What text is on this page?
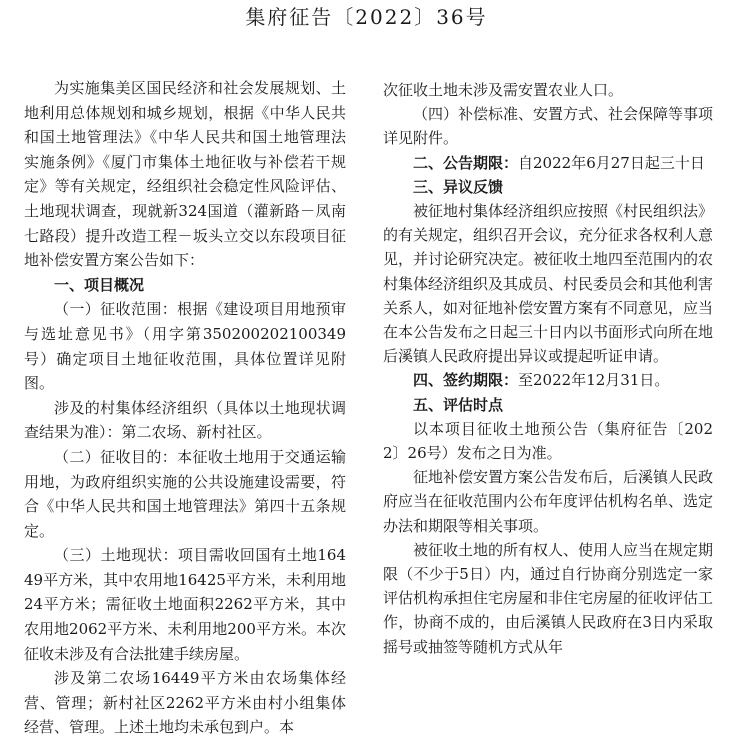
集府征告〔2022〕36号

为实施集美区国民经济和社会发展规划、土地利用总体规划和城乡规划，根据《中华人民共和国土地管理法》《中华人民共和国土地管理法实施条例》《厦门市集体土地征收与补偿若干规定》等有关规定，经组织社会稳定性风险评估、土地现状调查，现就新324国道（灌新路－凤南七路段）提升改造工程－坂头立交以东段项目征地补偿安置方案公告如下：

一、项目概况

（一）征收范围：根据《建设项目用地预审与选址意见书》（用字第350200202100349号）确定项目土地征收范围，具体位置详见附图。

涉及的村集体经济组织（具体以土地现状调查结果为准）：第二农场、新村社区。

（二）征收目的：本征收土地用于交通运输用地，为政府组织实施的公共设施建设需要，符合《中华人民共和国土地管理法》第四十五条规定。

（三）土地现状：项目需收回国有土地16449平方米，其中农用地16425平方米，未利用地24平方米；需征收土地面积2262平方米，其中农用地2062平方米、未利用地200平方米。本次征收未涉及有合法批建手续房屋。

涉及第二农场16449平方米由农场集体经营、管理；新村社区2262平方米由村小组集体经营、管理。上述土地均未承包到户。本

次征收土地未涉及需安置农业人口。

（四）补偿标准、安置方式、社会保障等事项详见附件。

二、公告期限：自2022年6月27日起三十日

三、异议反馈

被征地村集体经济组织应按照《村民组织法》的有关规定，组织召开会议，充分征求各权利人意见，并讨论研究决定。被征收土地四至范围内的农村集体经济组织及其成员、村民委员会和其他利害关系人，如对征地补偿安置方案有不同意见，应当在本公告发布之日起三十日内以书面形式向所在地后溪镇人民政府提出异议或提起听证申请。

四、签约期限：至2022年12月31日。

五、评估时点

以本项目征收土地预公告（集府征告〔2022〕26号）发布之日为准。

征地补偿安置方案公告发布后，后溪镇人民政府应当在征收范围内公布年度评估机构名单、选定办法和期限等相关事项。

被征收土地的所有权人、使用人应当在规定期限（不少于5日）内，通过自行协商分别选定一家评估机构承担住宅房屋和非住宅房屋的征收评估工作，协商不成的，由后溪镇人民政府在3日内采取摇号或抽签等随机方式从年
